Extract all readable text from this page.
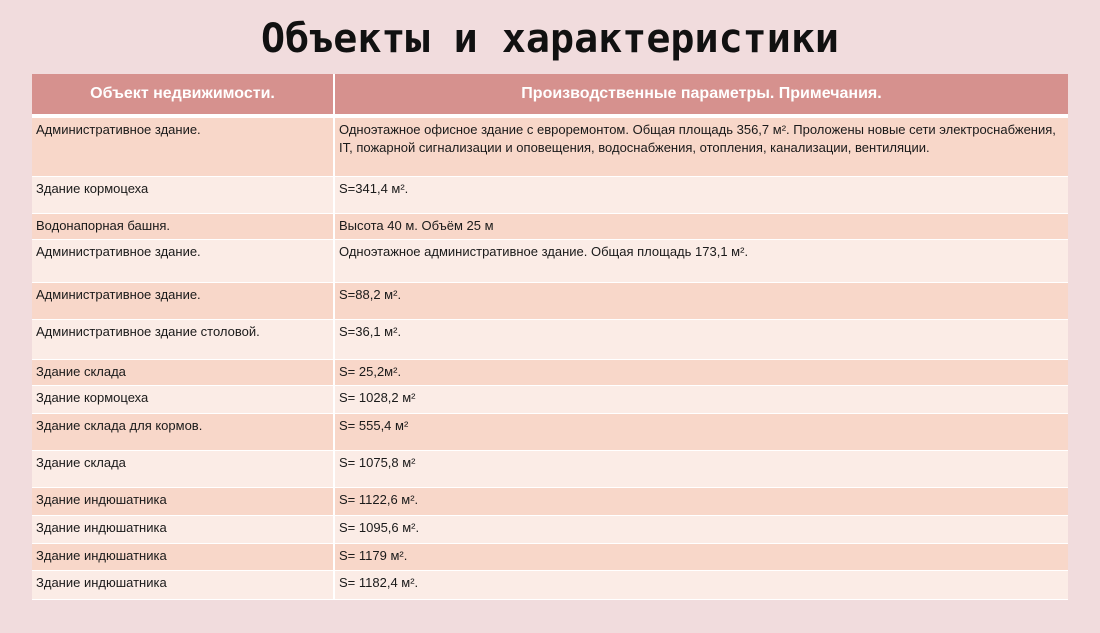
Объекты и характеристики
Объект недвижимости.	Производственные параметры. Примечания.
Административное здание.	Одноэтажное офисное здание с евроремонтом. Общая площадь 356,7 м². Проложены новые сети электроснабжения, IT, пожарной сигнализации и оповещения, водоснабжения, отопления, канализации, вентиляции.
Здание кормоцеха	S=341,4 м².
Водонапорная башня.	Высота 40 м. Объём 25 м
Административное здание.	Одноэтажное административное здание. Общая площадь 173,1 м².
Административное здание.	S=88,2 м².
Административное здание столовой.	S=36,1 м².
Здание склада	S= 25,2м².
Здание кормоцеха	S= 1028,2 м²
Здание склада для кормов.	S= 555,4 м²
Здание склада	S= 1075,8 м²
Здание индюшатника	S= 1122,6 м².
Здание индюшатника	S= 1095,6 м².
Здание индюшатника	S= 1179 м².
Здание индюшатника	S= 1182,4 м².
